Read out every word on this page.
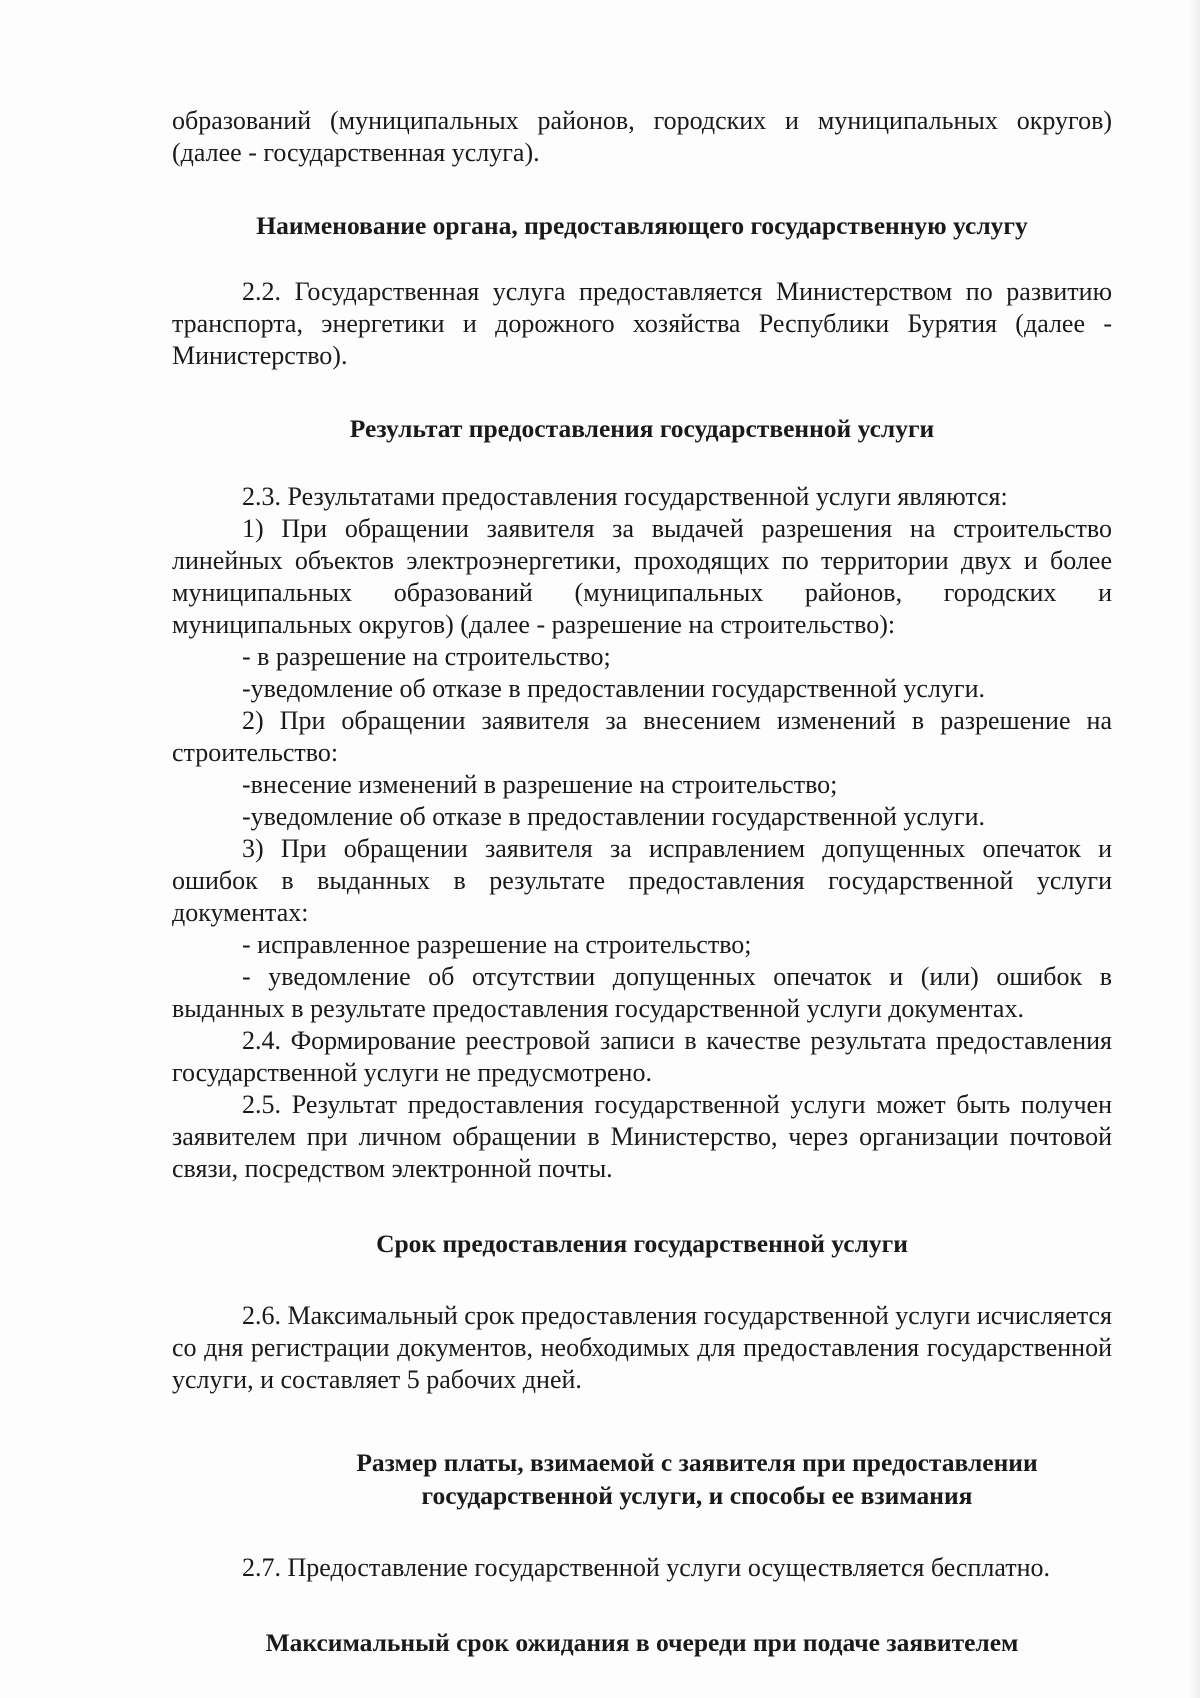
образований (муниципальных районов, городских и муниципальных округов) (далее - государственная услуга).

Наименование органа, предоставляющего государственную услугу

2.2. Государственная услуга предоставляется Министерством по развитию транспорта, энергетики и дорожного хозяйства Республики Бурятия (далее - Министерство).

Результат предоставления государственной услуги

2.3. Результатами предоставления государственной услуги являются:

1) При обращении заявителя за выдачей разрешения на строительство линейных объектов электроэнергетики, проходящих по территории двух и более муниципальных образований (муниципальных районов, городских и муниципальных округов) (далее - разрешение на строительство):

- в разрешение на строительство;

-уведомление об отказе в предоставлении государственной услуги.

2) При обращении заявителя за внесением изменений в разрешение на строительство:

-внесение изменений в разрешение на строительство;

-уведомление об отказе в предоставлении государственной услуги.

3) При обращении заявителя за исправлением допущенных опечаток и ошибок в выданных в результате предоставления государственной услуги документах:

- исправленное разрешение на строительство;

- уведомление об отсутствии допущенных опечаток и (или) ошибок в выданных в результате предоставления государственной услуги документах.

2.4. Формирование реестровой записи в качестве результата предоставления государственной услуги не предусмотрено.

2.5. Результат предоставления государственной услуги может быть получен заявителем при личном обращении в Министерство, через организации почтовой связи, посредством электронной почты.

Срок предоставления государственной услуги

2.6. Максимальный срок предоставления государственной услуги исчисляется со дня регистрации документов, необходимых для предоставления государственной услуги, и составляет 5 рабочих дней.

Размер платы, взимаемой с заявителя при предоставлении государственной услуги, и способы ее взимания

2.7. Предоставление государственной услуги осуществляется бесплатно.

Максимальный срок ожидания в очереди при подаче заявителем
